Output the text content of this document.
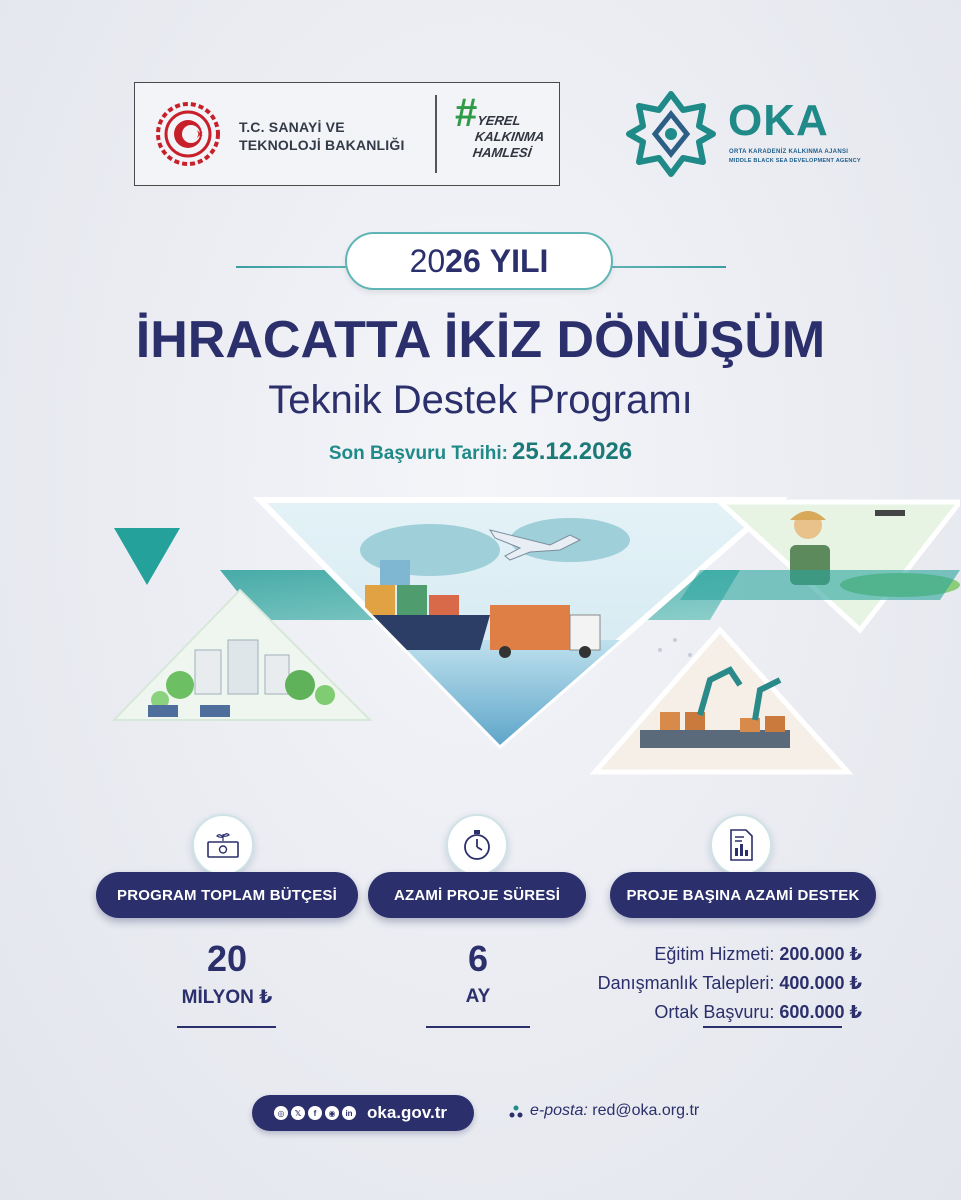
T.C. SANAYİ VE TEKNOLOJİ BAKANLIĞI
# YEREL KALKINMA HAMLESİ
OKA
ORTA KARADENİZ KALKINMA AJANSI
MIDDLE BLACK SEA DEVELOPMENT AGENCY
20 26 YILI
İHRACATTA İKİZ DÖNÜŞÜM
Teknik Destek Programı
Son Başvuru Tarihi: 25.12.2026
PROGRAM TOPLAM BÜTÇESİ
20
MİLYON ₺
AZAMİ PROJE SÜRESİ
6
AY
PROJE BAŞINA AZAMİ DESTEK
Eğitim Hizmeti: 200.000 ₺
Danışmanlık Talepleri: 400.000 ₺
Ortak Başvuru: 600.000 ₺
◎	𝕏	f	◉	in oka.gov.tr	e-posta: red@oka.org.tr
